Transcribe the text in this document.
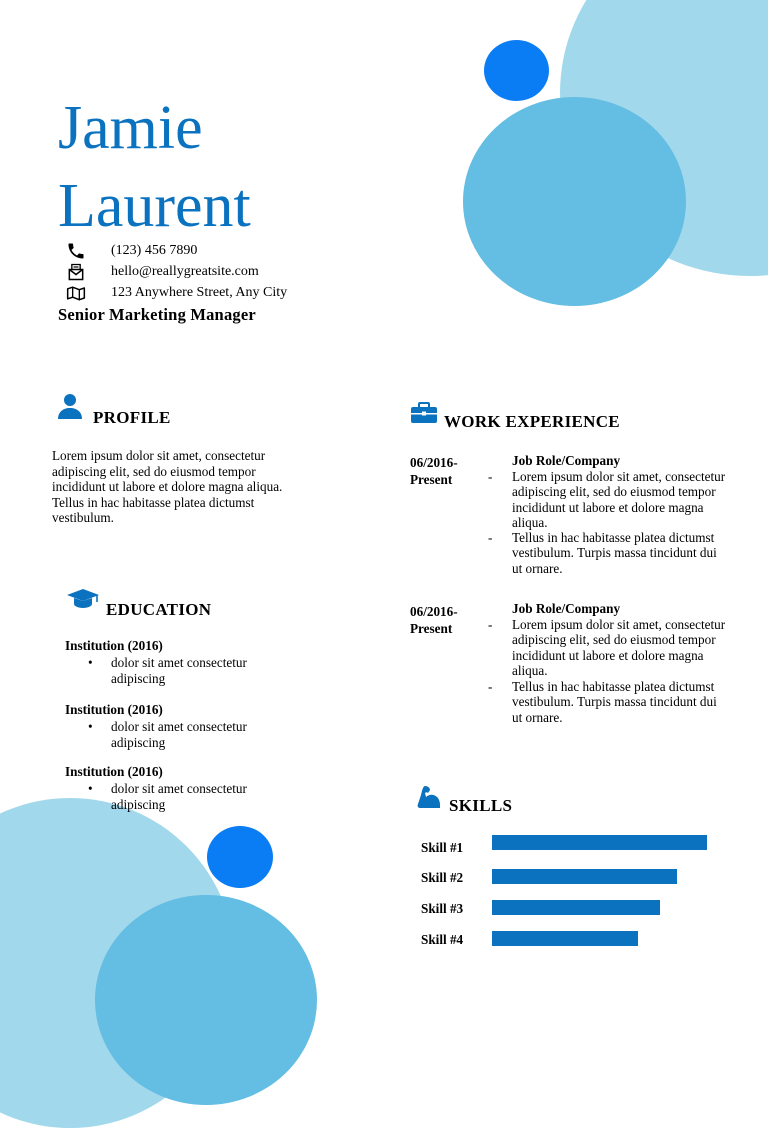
Jamie
Laurent
(123) 456 7890
hello@reallygreatsite.com
123 Anywhere Street, Any City
Senior Marketing Manager
PROFILE
Lorem ipsum dolor sit amet, consectetur adipiscing elit, sed do eiusmod tempor incididunt ut labore et dolore magna aliqua. Tellus in hac habitasse platea dictumst vestibulum.
EDUCATION
Institution (2016)
• dolor sit amet consectetur adipiscing
Institution (2016)
• dolor sit amet consectetur adipiscing
Institution (2016)
• dolor sit amet consectetur adipiscing
WORK EXPERIENCE
06/2016-
Present
Job Role/Company
- Lorem ipsum dolor sit amet, consectetur adipiscing elit, sed do eiusmod tempor incididunt ut labore et dolore magna aliqua.
- Tellus in hac habitasse platea dictumst vestibulum. Turpis massa tincidunt dui ut ornare.
06/2016-
Present
Job Role/Company
- Lorem ipsum dolor sit amet, consectetur adipiscing elit, sed do eiusmod tempor incididunt ut labore et dolore magna aliqua.
- Tellus in hac habitasse platea dictumst vestibulum. Turpis massa tincidunt dui ut ornare.
SKILLS
Skill #1
Skill #2
Skill #3
Skill #4
